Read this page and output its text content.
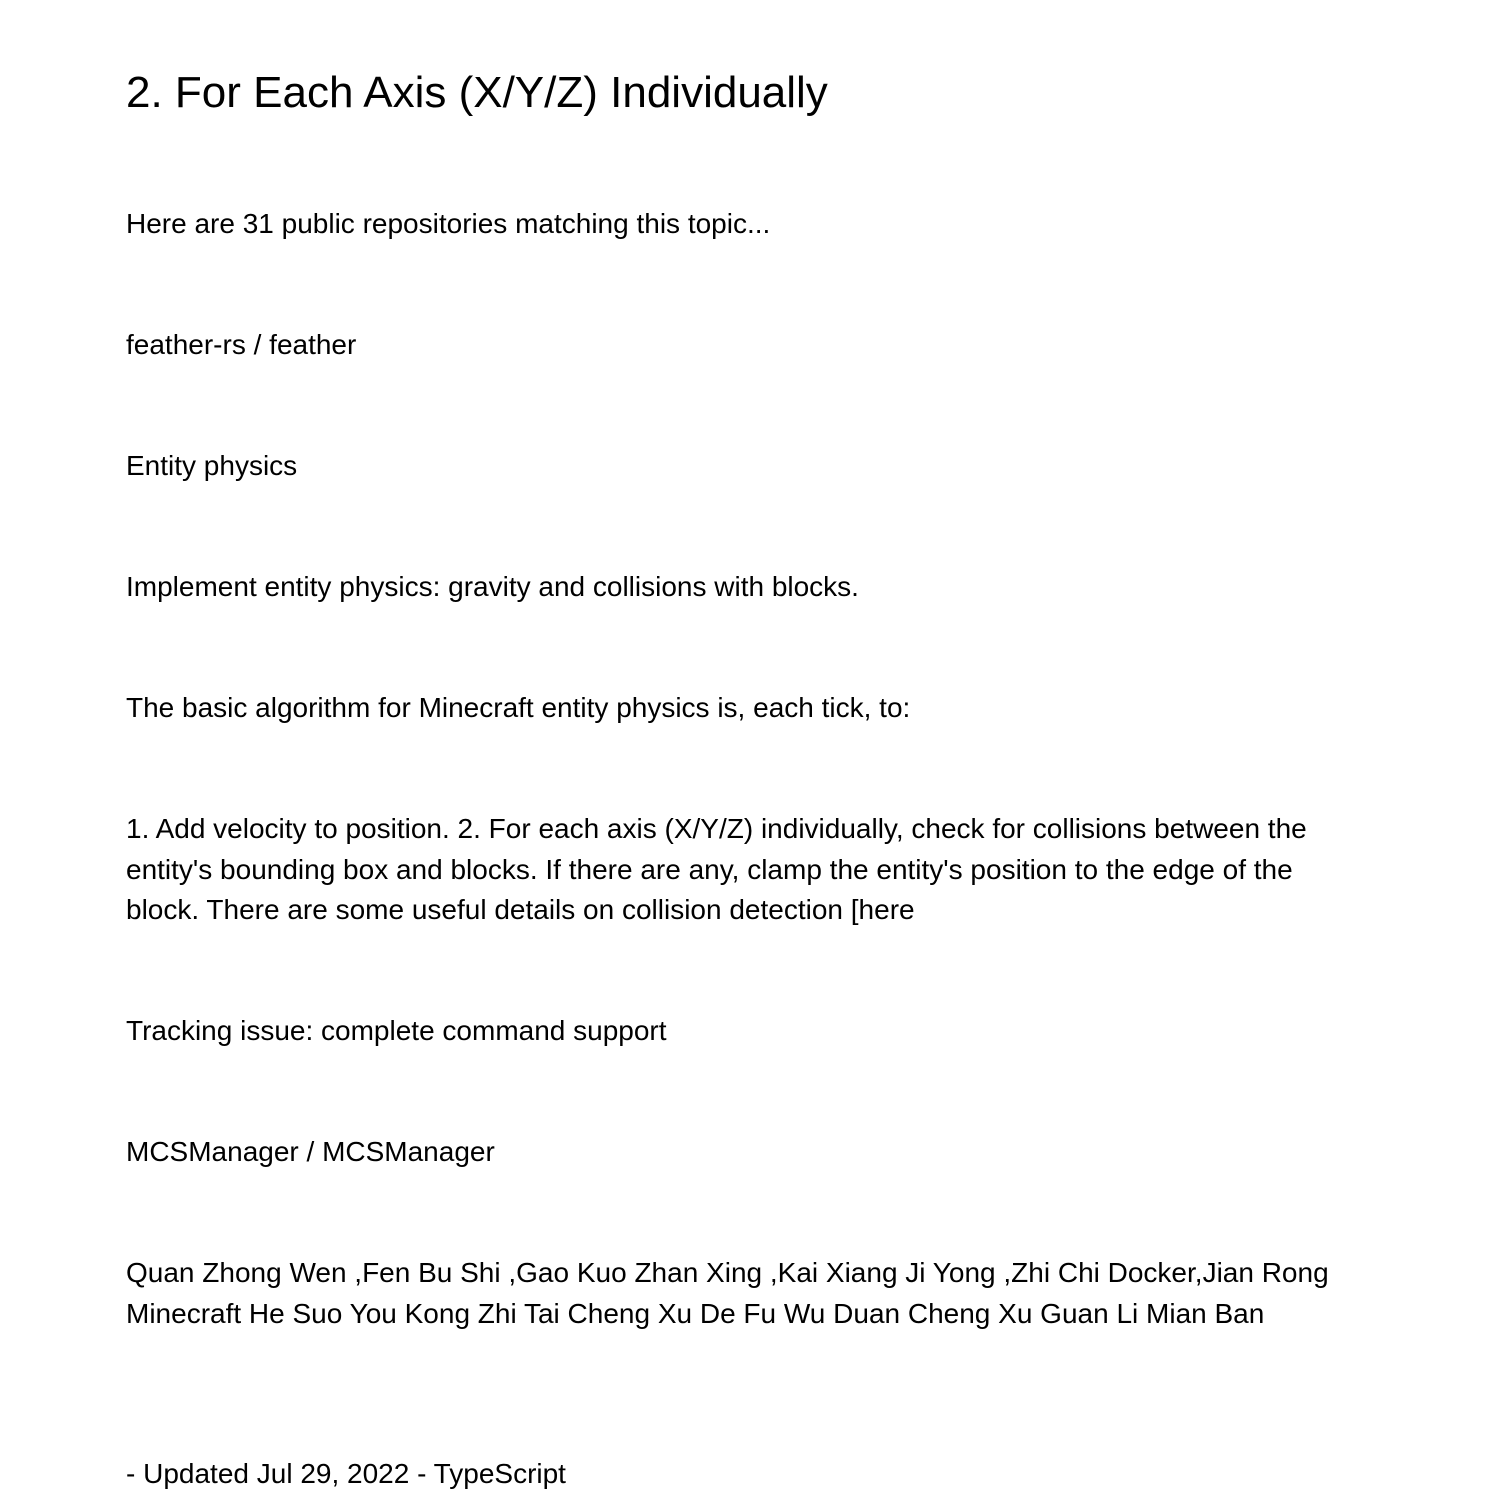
2. For Each Axis (X/Y/Z) Individually

Here are 31 public repositories matching this topic...

feather-rs / feather

Entity physics

Implement entity physics: gravity and collisions with blocks.

The basic algorithm for Minecraft entity physics is, each tick, to:

1. Add velocity to position. 2. For each axis (X/Y/Z) individually, check for collisions between the entity's bounding box and blocks. If there are any, clamp the entity's position to the edge of the block. There are some useful details on collision detection [here

Tracking issue: complete command support

MCSManager / MCSManager

Quan Zhong Wen ,Fen Bu Shi ,Gao Kuo Zhan Xing ,Kai Xiang Ji Yong ,Zhi Chi Docker,Jian Rong Minecraft He Suo You Kong Zhi Tai Cheng Xu De Fu Wu Duan Cheng Xu Guan Li Mian Ban

- Updated Jul 29, 2022 - TypeScript
